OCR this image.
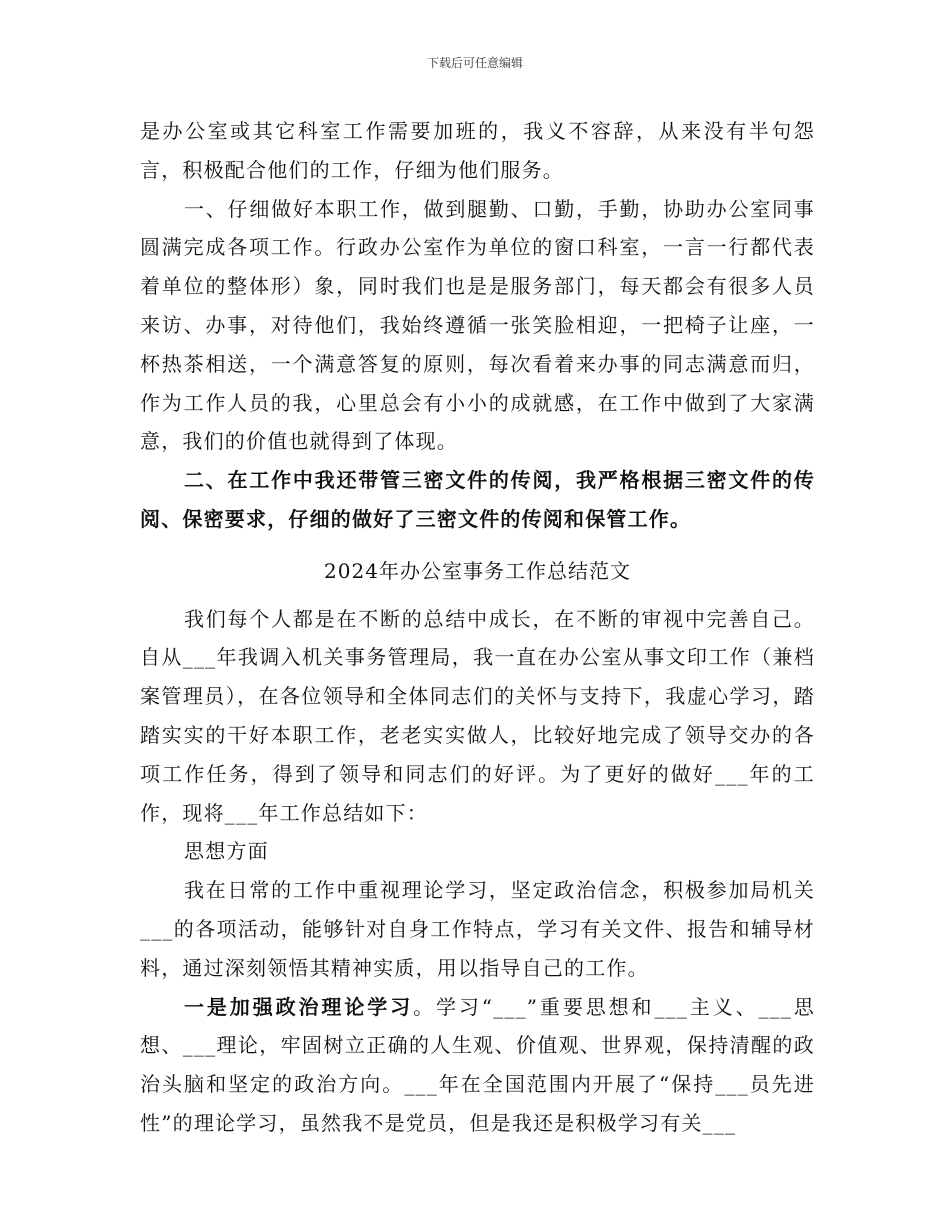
下载后可任意编辑

是办公室或其它科室工作需要加班的，我义不容辞，从来没有半句怨言，积极配合他们的工作，仔细为他们服务。

一、仔细做好本职工作，做到腿勤、口勤，手勤，协助办公室同事圆满完成各项工作。行政办公室作为单位的窗口科室，一言一行都代表着单位的整体形）象，同时我们也是是服务部门，每天都会有很多人员来访、办事，对待他们，我始终遵循一张笑脸相迎，一把椅子让座，一杯热茶相送，一个满意答复的原则，每次看着来办事的同志满意而归，作为工作人员的我，心里总会有小小的成就感，在工作中做到了大家满意，我们的价值也就得到了体现。

二、在工作中我还带管三密文件的传阅，我严格根据三密文件的传阅、保密要求，仔细的做好了三密文件的传阅和保管工作。

2024年办公室事务工作总结范文

我们每个人都是在不断的总结中成长，在不断的审视中完善自己。自从___年我调入机关事务管理局，我一直在办公室从事文印工作（兼档案管理员），在各位领导和全体同志们的关怀与支持下，我虚心学习，踏踏实实的干好本职工作，老老实实做人，比较好地完成了领导交办的各项工作任务，得到了领导和同志们的好评。为了更好的做好___年的工作，现将___年工作总结如下：

思想方面

我在日常的工作中重视理论学习，坚定政治信念，积极参加局机关___的各项活动，能够针对自身工作特点，学习有关文件、报告和辅导材料，通过深刻领悟其精神实质，用以指导自己的工作。

一是加强政治理论学习。学习“___”重要思想和___主义、___思想、___理论，牢固树立正确的人生观、价值观、世界观，保持清醒的政治头脑和坚定的政治方向。___年在全国范围内开展了“保持___员先进性”的理论学习，虽然我不是党员，但是我还是积极学习有关___
